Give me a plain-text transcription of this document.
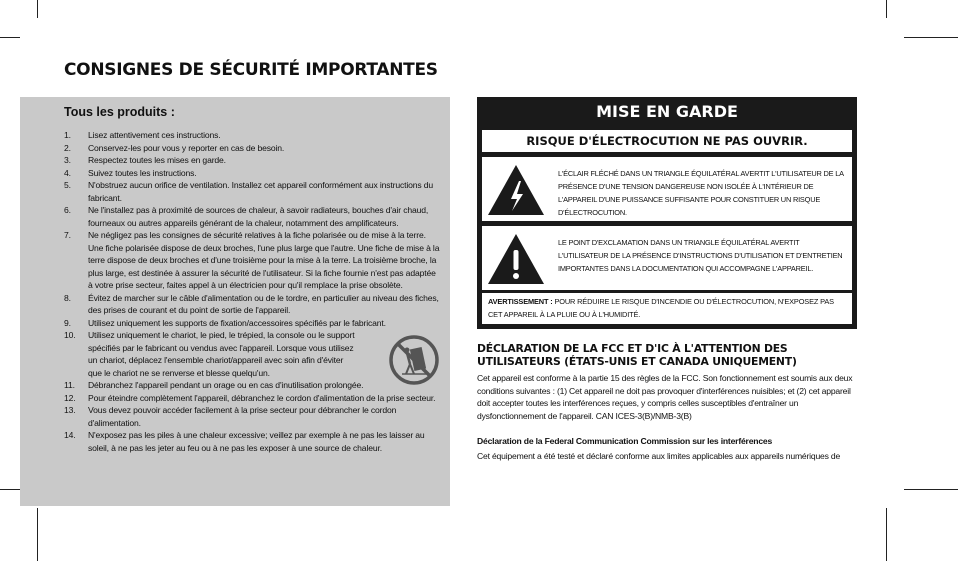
CONSIGNES DE SÉCURITÉ IMPORTANTES
Tous les produits :
1. Lisez attentivement ces instructions.
2. Conservez-les pour vous y reporter en cas de besoin.
3. Respectez toutes les mises en garde.
4. Suivez toutes les instructions.
5. N'obstruez aucun orifice de ventilation. Installez cet appareil conformément aux instructions du fabricant.
6. Ne l'installez pas à proximité de sources de chaleur, à savoir radiateurs, bouches d'air chaud, fourneaux ou autres appareils générant de la chaleur, notamment des amplificateurs.
7. Ne négligez pas les consignes de sécurité relatives à la fiche polarisée ou de mise à la terre. Une fiche polarisée dispose de deux broches, l'une plus large que l'autre. Une fiche de mise à la terre dispose de deux broches et d'une troisième pour la mise à la terre. La troisième broche, la plus large, est destinée à assurer la sécurité de l'utilisateur. Si la fiche fournie n'est pas adaptée à votre prise secteur, faites appel à un électricien pour qu'il remplace la prise obsolète.
8. Évitez de marcher sur le câble d'alimentation ou de le tordre, en particulier au niveau des fiches, des prises de courant et du point de sortie de l'appareil.
9. Utilisez uniquement les supports de fixation/accessoires spécifiés par le fabricant.
10. Utilisez uniquement le chariot, le pied, le trépied, la console ou le support spécifiés par le fabricant ou vendus avec l'appareil. Lorsque vous utilisez un chariot, déplacez l'ensemble chariot/appareil avec soin afin d'éviter que le chariot ne se renverse et blesse quelqu'un.
11. Débranchez l'appareil pendant un orage ou en cas d'inutilisation prolongée.
12. Pour éteindre complètement l'appareil, débranchez le cordon d'alimentation de la prise secteur.
13. Vous devez pouvoir accéder facilement à la prise secteur pour débrancher le cordon d'alimentation.
14. N'exposez pas les piles à une chaleur excessive; veillez par exemple à ne pas les laisser au soleil, à ne pas les jeter au feu ou à ne pas les exposer à une source de chaleur.
MISE EN GARDE
RISQUE D'ÉLECTROCUTION NE PAS OUVRIR.
L'ÉCLAIR FLÉCHÉ DANS UN TRIANGLE ÉQUILATÉRAL AVERTIT L'UTILISATEUR DE LA PRÉSENCE D'UNE TENSION DANGEREUSE NON ISOLÉE À L'INTÉRIEUR DE L'APPAREIL D'UNE PUISSANCE SUFFISANTE POUR CONSTITUER UN RISQUE D'ÉLECTROCUTION.
LE POINT D'EXCLAMATION DANS UN TRIANGLE ÉQUILATÉRAL AVERTIT L'UTILISATEUR DE LA PRÉSENCE D'INSTRUCTIONS D'UTILISATION ET D'ENTRETIEN IMPORTANTES DANS LA DOCUMENTATION QUI ACCOMPAGNE L'APPAREIL.
AVERTISSEMENT : POUR RÉDUIRE LE RISQUE D'INCENDIE OU D'ÉLECTROCUTION, N'EXPOSEZ PAS CET APPAREIL À LA PLUIE OU À L'HUMIDITÉ.
DÉCLARATION DE LA FCC ET D'IC À L'ATTENTION DES UTILISATEURS (ÉTATS-UNIS ET CANADA UNIQUEMENT)
Cet appareil est conforme à la partie 15 des règles de la FCC. Son fonctionnement est soumis aux deux conditions suivantes : (1) Cet appareil ne doit pas provoquer d'interférences nuisibles; et (2) cet appareil doit accepter toutes les interférences reçues, y compris celles susceptibles d'entraîner un dysfonctionnement de l'appareil. CAN ICES-3(B)/NMB-3(B)
Déclaration de la Federal Communication Commission sur les interférences
Cet équipement a été testé et déclaré conforme aux limites applicables aux appareils numériques de
